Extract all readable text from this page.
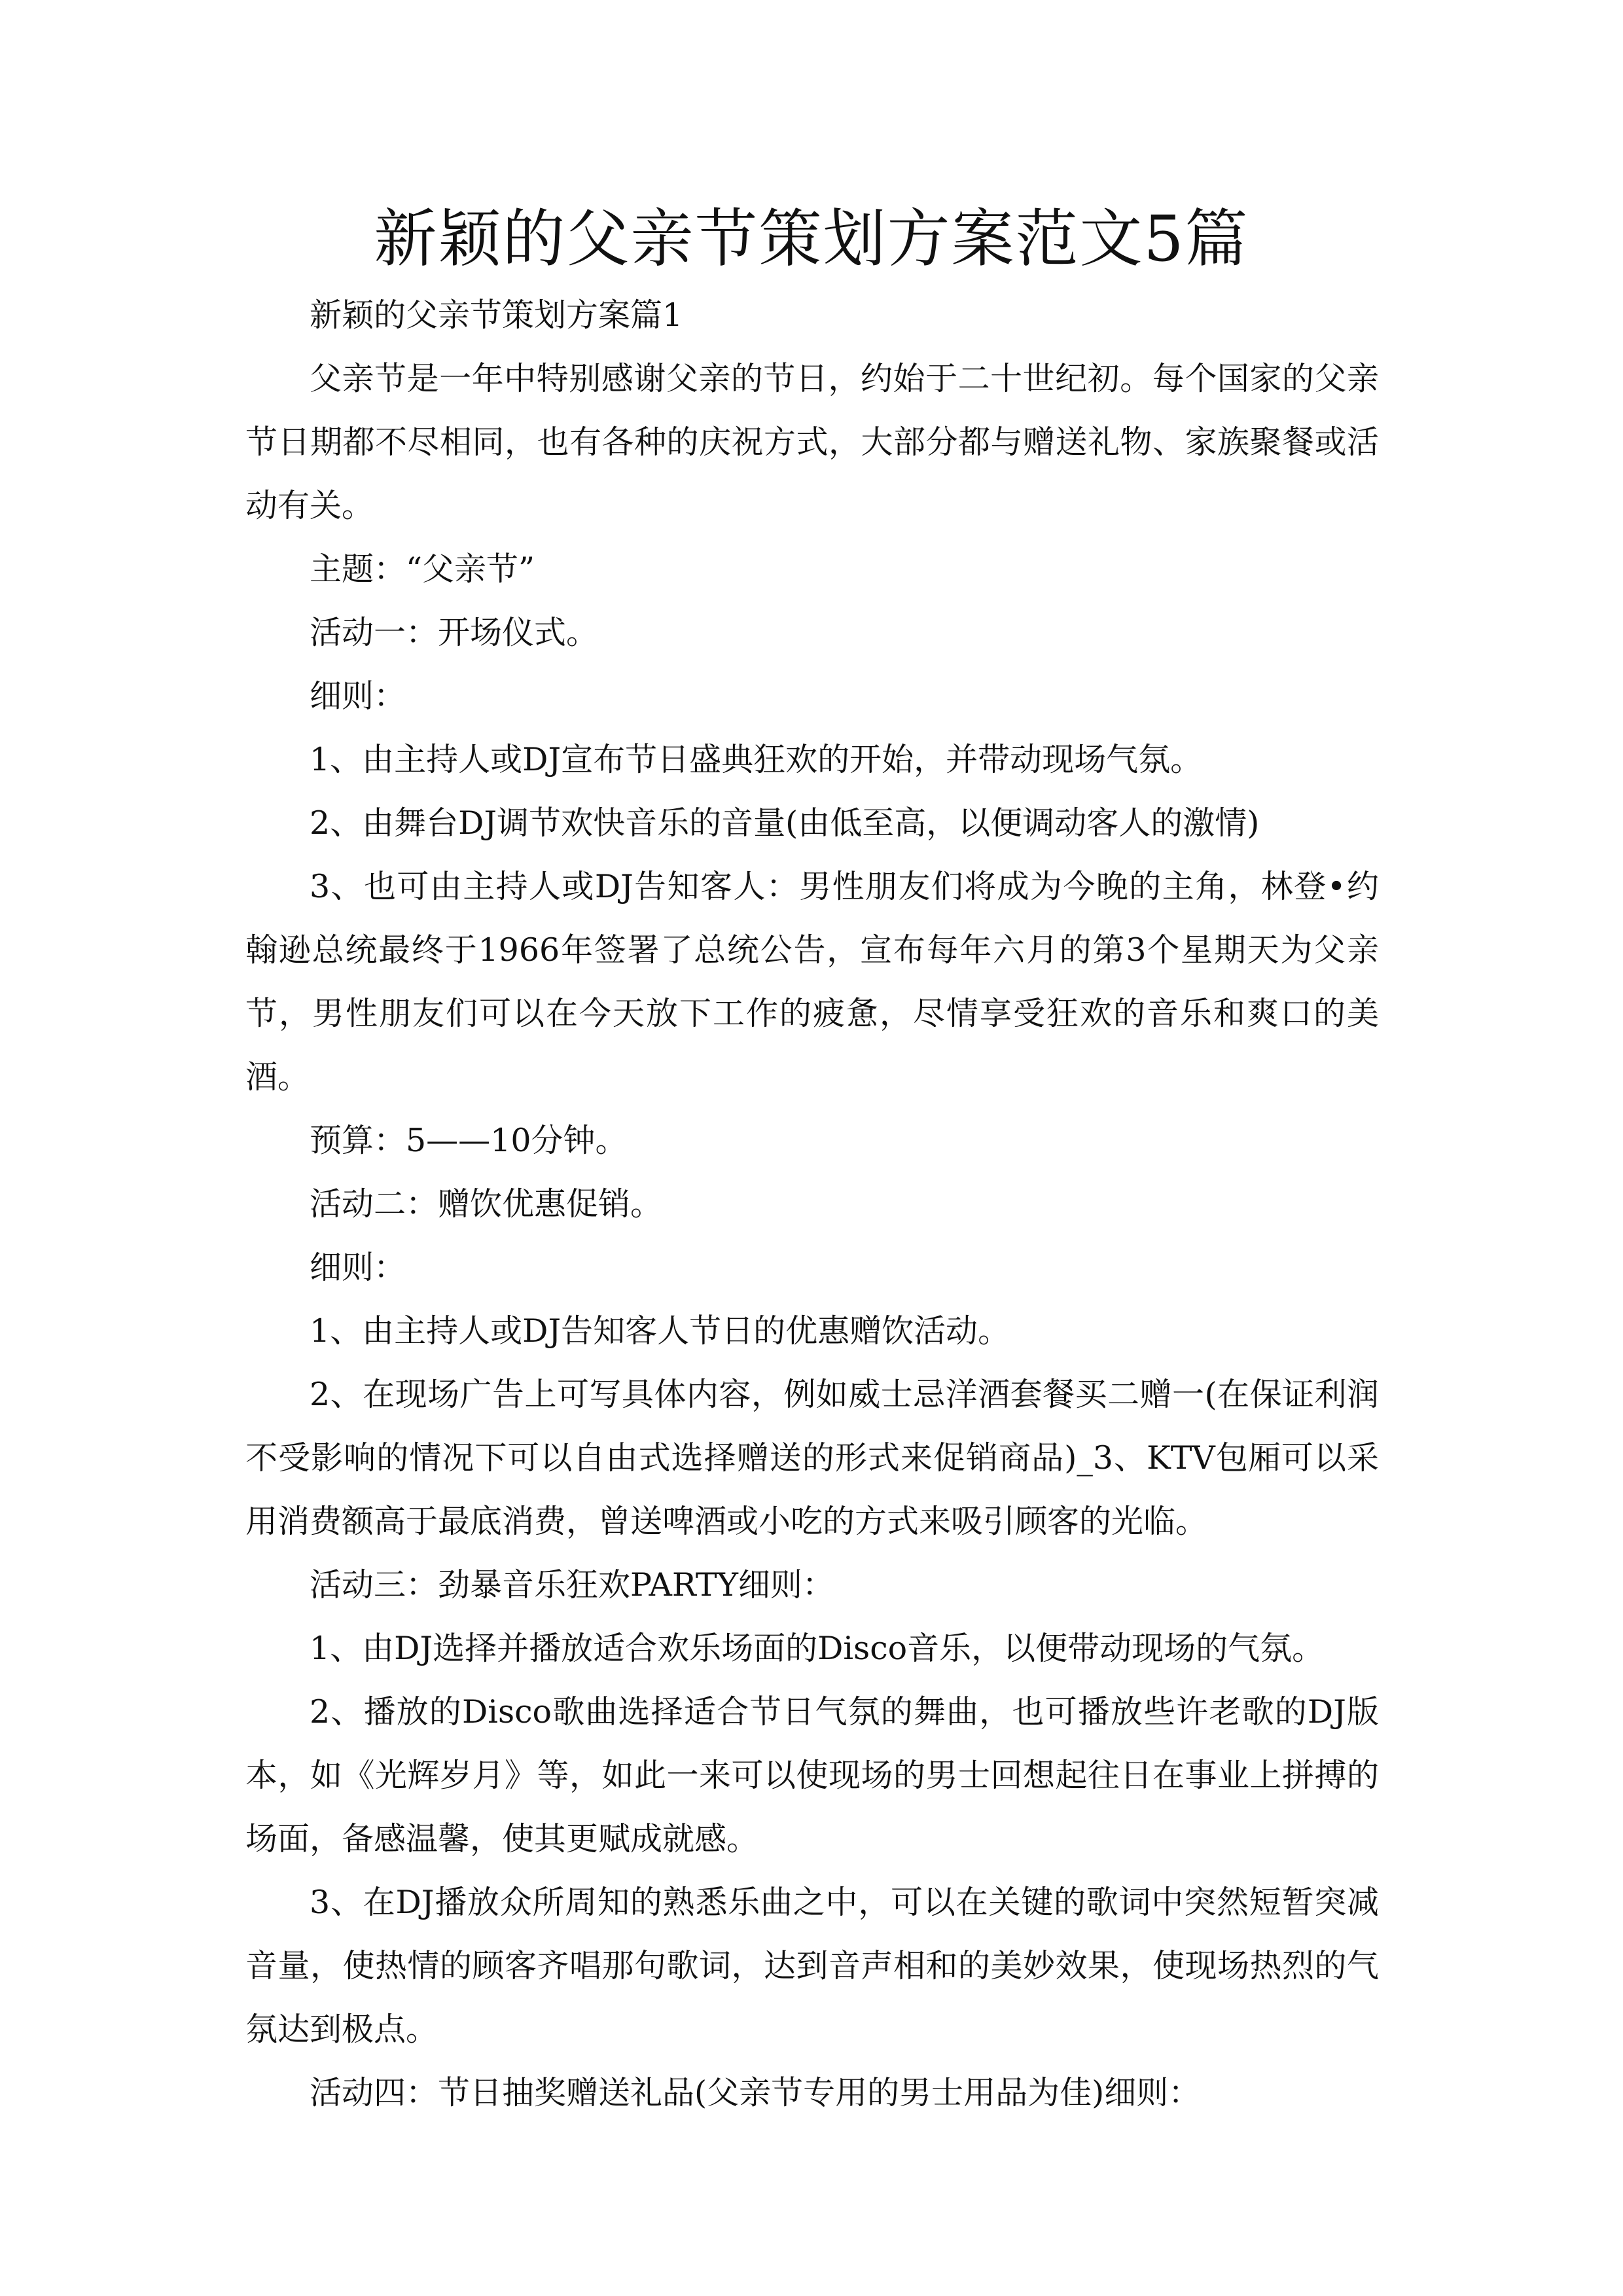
新颖的父亲节策划方案范文5篇

新颖的父亲节策划方案篇1

父亲节是一年中特别感谢父亲的节日，约始于二十世纪初。每个国家的父亲节日期都不尽相同，也有各种的庆祝方式，大部分都与赠送礼物、家族聚餐或活动有关。

主题：“父亲节”

活动一：开场仪式。

细则：

1、由主持人或DJ宣布节日盛典狂欢的开始，并带动现场气氛。

2、由舞台DJ调节欢快音乐的音量(由低至高，以便调动客人的激情)

3、也可由主持人或DJ告知客人：男性朋友们将成为今晚的主角，林登•约翰逊总统最终于1966年签署了总统公告，宣布每年六月的第3个星期天为父亲节，男性朋友们可以在今天放下工作的疲惫，尽情享受狂欢的音乐和爽口的美酒。

预算：5——10分钟。

活动二：赠饮优惠促销。

细则：

1、由主持人或DJ告知客人节日的优惠赠饮活动。

2、在现场广告上可写具体内容，例如威士忌洋酒套餐买二赠一(在保证利润不受影响的情况下可以自由式选择赠送的形式来促销商品)_3、KTV包厢可以采用消费额高于最底消费，曾送啤酒或小吃的方式来吸引顾客的光临。

活动三：劲暴音乐狂欢PARTY细则：

1、由DJ选择并播放适合欢乐场面的Disco音乐，以便带动现场的气氛。

2、播放的Disco歌曲选择适合节日气氛的舞曲，也可播放些许老歌的DJ版本，如《光辉岁月》等，如此一来可以使现场的男士回想起往日在事业上拼搏的场面，备感温馨，使其更赋成就感。

3、在DJ播放众所周知的熟悉乐曲之中，可以在关键的歌词中突然短暂突减音量，使热情的顾客齐唱那句歌词，达到音声相和的美妙效果，使现场热烈的气氛达到极点。

活动四：节日抽奖赠送礼品(父亲节专用的男士用品为佳)细则：
